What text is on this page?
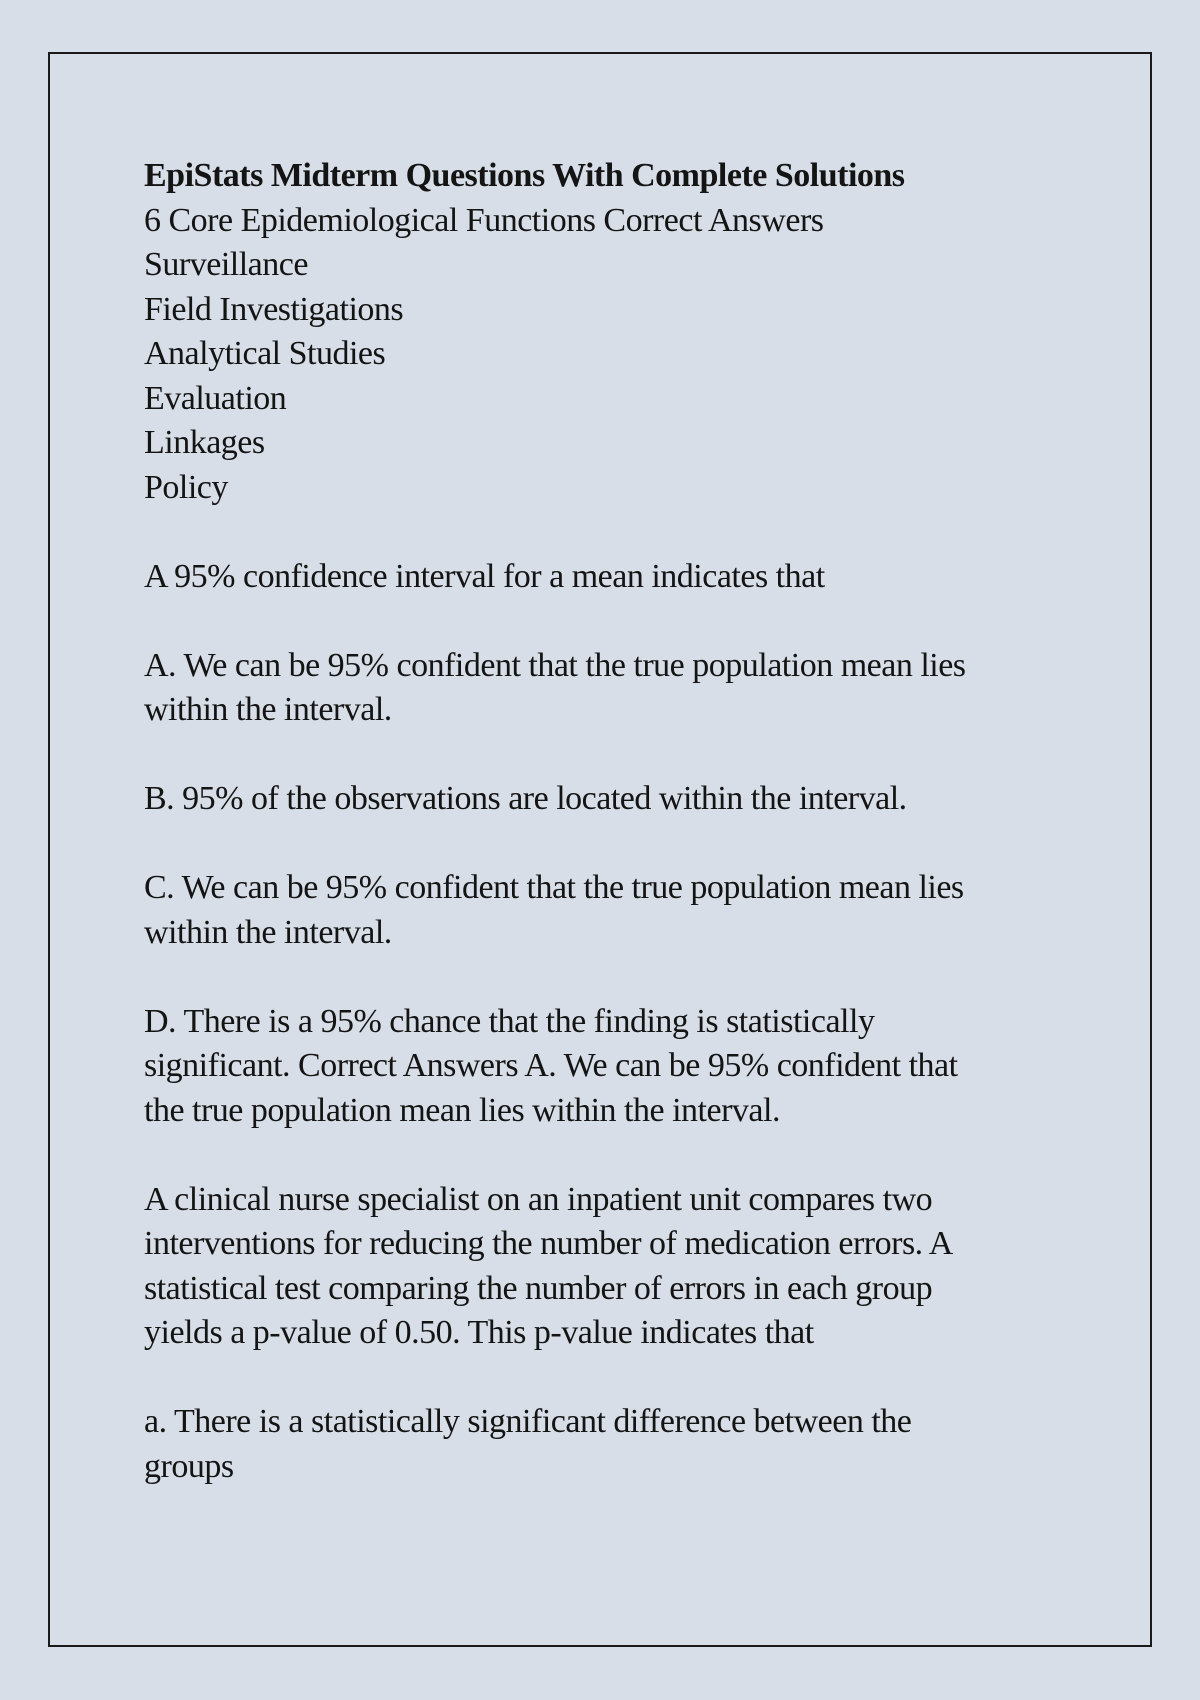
EpiStats Midterm Questions With Complete Solutions
6 Core Epidemiological Functions Correct Answers
Surveillance
Field Investigations
Analytical Studies
Evaluation
Linkages
Policy
A 95% confidence interval for a mean indicates that
A. We can be 95% confident that the true population mean lies
within the interval.
B. 95% of the observations are located within the interval.
C. We can be 95% confident that the true population mean lies
within the interval.
D. There is a 95% chance that the finding is statistically
significant. Correct Answers A. We can be 95% confident that
the true population mean lies within the interval.
A clinical nurse specialist on an inpatient unit compares two
interventions for reducing the number of medication errors. A
statistical test comparing the number of errors in each group
yields a p-value of 0.50. This p-value indicates that
a. There is a statistically significant difference between the
groups
